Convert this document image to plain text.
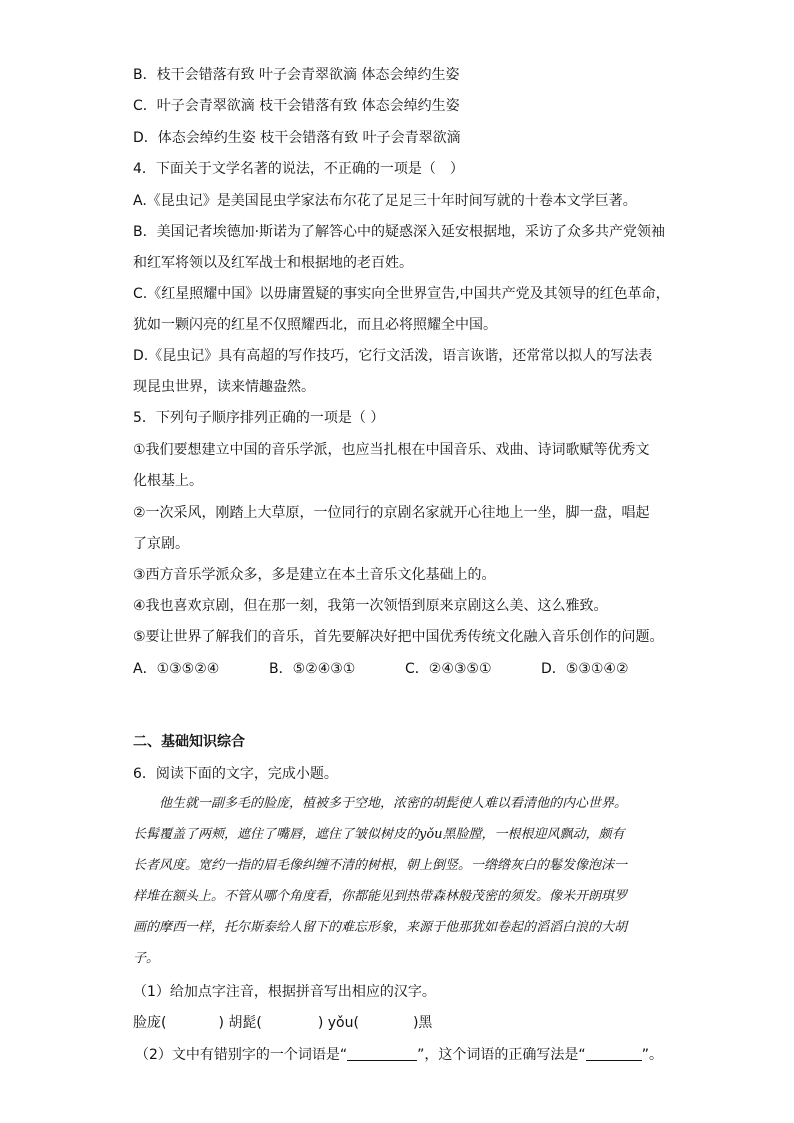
B．枝干会错落有致 叶子会青翠欲滴 体态会绰约生姿
C．叶子会青翠欲滴 枝干会错落有致 体态会绰约生姿
D．体态会绰约生姿 枝干会错落有致 叶子会青翠欲滴
4．下面关于文学名著的说法，不正确的一项是（　）
A.《昆虫记》是美国昆虫学家法布尔花了足足三十年时间写就的十卷本文学巨著。
B．美国记者埃德加·斯诺为了解答心中的疑惑深入延安根据地，采访了众多共产党领袖
和红军将领以及红军战士和根据地的老百姓。
C.《红星照耀中国》以毋庸置疑的事实向全世界宣告,中国共产党及其领导的红色革命，
犹如一颗闪亮的红星不仅照耀西北，而且必将照耀全中国。
D.《昆虫记》具有高超的写作技巧，它行文活泼，语言诙谐，还常常以拟人的写法表
现昆虫世界，读来情趣盎然。
5．下列句子顺序排列正确的一项是（ ）
①我们要想建立中国的音乐学派，也应当扎根在中国音乐、戏曲、诗词歌赋等优秀文
化根基上。
②一次采风，刚踏上大草原，一位同行的京剧名家就开心往地上一坐，脚一盘，唱起
了京剧。
③西方音乐学派众多，多是建立在本土音乐文化基础上的。
④我也喜欢京剧，但在那一刻，我第一次领悟到原来京剧这么美、这么雅致。
⑤要让世界了解我们的音乐，首先要解决好把中国优秀传统文化融入音乐创作的问题。
A．①③⑤②④	B．⑤②④③①	C．②④③⑤①	D．⑤③①④②
二、基础知识综合
6．阅读下面的文字，完成小题。
　　他生就一副多毛的脸庞，植被多于空地，浓密的胡髭使人难以看清他的内心世界。
长髯覆盖了两颊，遮住了嘴唇，遮住了皱似树皮的yǒu黑脸膛，一根根迎风飘动，颇有
长者风度。宽约一指的眉毛像纠缠不清的树根，朝上倒竖。一绺绺灰白的鬈发像泡沫一
样堆在额头上。不管从哪个角度看，你都能见到热带森林般茂密的须发。像米开朗琪罗
画的摩西一样，托尔斯泰给人留下的难忘形象，来源于他那犹如卷起的滔滔白浪的大胡
子。
（1）给加点字注音，根据拼音写出相应的汉字。
脸庞(	) 胡髭(	) yǒu(	)黑
（2）文中有错别字的一个词语是“	”，这个词语的正确写法是“	”。
